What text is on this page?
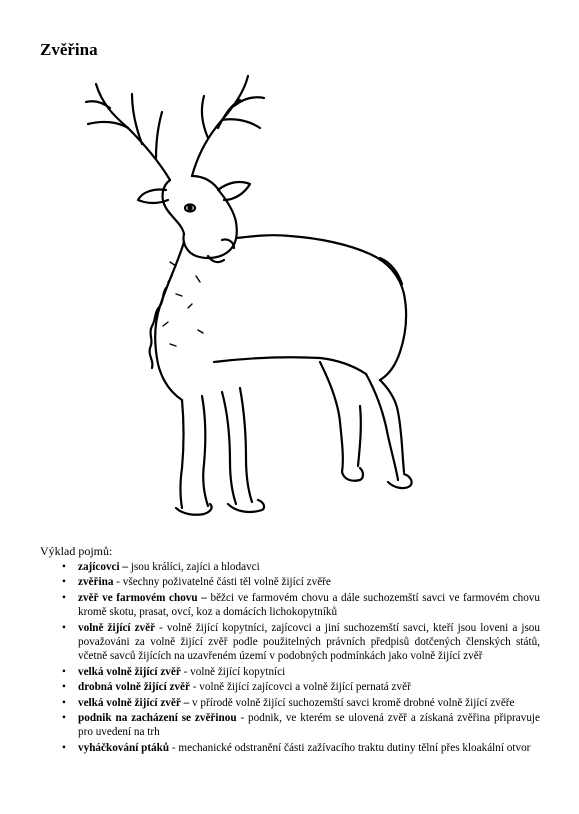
Zvěřina

Výklad pojmů:

• zajícovci – jsou králíci, zajíci a hlodavci
• zvěřina - všechny poživatelné části těl volně žijící zvěře
• zvěř ve farmovém chovu – běžci ve farmovém chovu a dále suchozemští savci ve farmovém chovu kromě skotu, prasat, ovcí, koz a domácích lichokopytníků
• volně žijící zvěř - volně žijící kopytníci, zajícovci a jiní suchozemští savci, kteří jsou loveni a jsou považováni za volně žijící zvěř podle použitelných právních předpisů dotčených členských států, včetně savců žijících na uzavřeném území v podobných podmínkách jako volně žijící zvěř
• velká volně žijící zvěř - volně žijící kopytníci
• drobná volně žijící zvěř - volně žijící zajícovci a volně žijící pernatá zvěř
• velká volně žijící zvěř – v přírodě volně žijící suchozemští savci kromě drobné volně žijící zvěře
• podnik na zacházení se zvěřinou - podnik, ve kterém se ulovená zvěř a získaná zvěřina připravuje pro uvedení na trh
• vyháčkování ptáků - mechanické odstranění části zažívacího traktu dutiny tělní přes kloakální otvor
